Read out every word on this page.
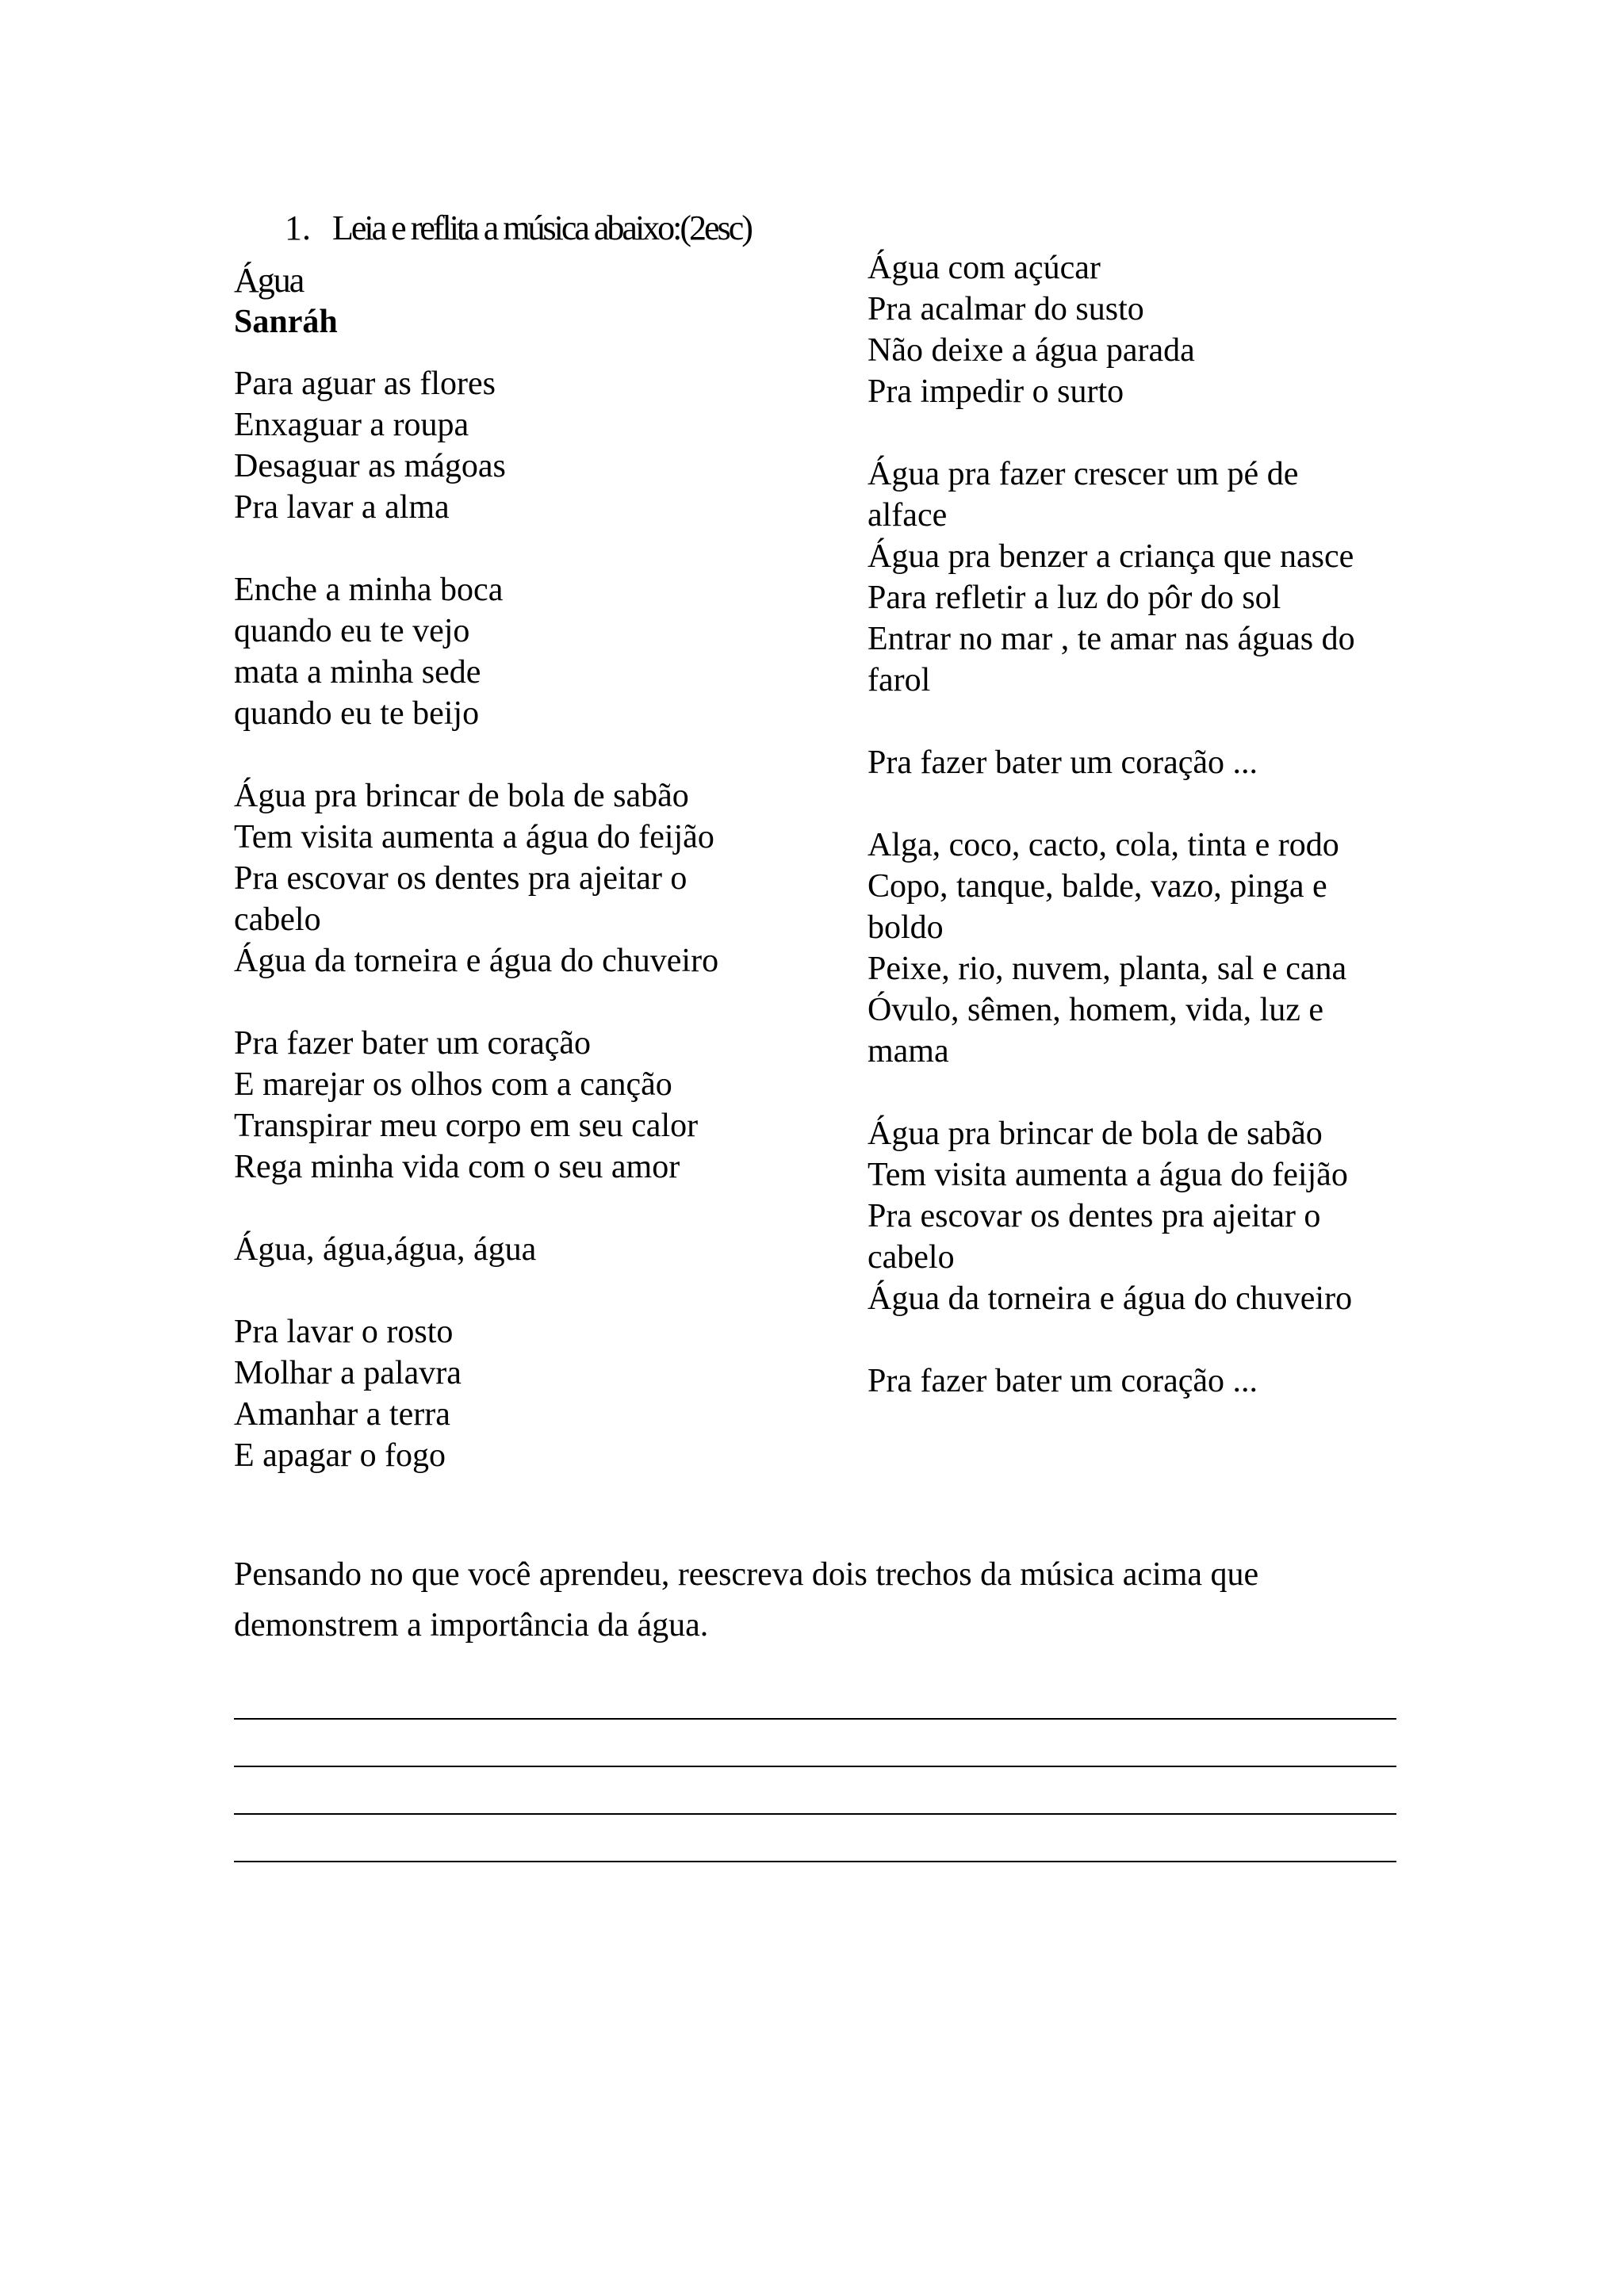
1. Leia e reflita a música abaixo:(2esc)
Água
Sanráh
Para aguar as flores
Enxaguar a roupa
Desaguar as mágoas
Pra lavar a alma
Enche a minha boca
quando eu te vejo
mata a minha sede
quando eu te beijo
Água pra brincar de bola de sabão
Tem visita aumenta a água do feijão
Pra escovar os dentes pra ajeitar o
cabelo
Água da torneira e água do chuveiro
Pra fazer bater um coração
E marejar os olhos com a canção
Transpirar meu corpo em seu calor
Rega minha vida com o seu amor
Água, água,água, água
Pra lavar o rosto
Molhar a palavra
Amanhar a terra
E apagar o fogo
Água com açúcar
Pra acalmar do susto
Não deixe a água parada
Pra impedir o surto
Água pra fazer crescer um pé de
alface
Água pra benzer a criança que nasce
Para refletir a luz do pôr do sol
Entrar no mar , te amar nas águas do
farol
Pra fazer bater um coração ...
Alga, coco, cacto, cola, tinta e rodo
Copo, tanque, balde, vazo, pinga e
boldo
Peixe, rio, nuvem, planta, sal e cana
Óvulo, sêmen, homem, vida, luz e
mama
Água pra brincar de bola de sabão
Tem visita aumenta a água do feijão
Pra escovar os dentes pra ajeitar o
cabelo
Água da torneira e água do chuveiro
Pra fazer bater um coração ...
Pensando no que você aprendeu, reescreva dois trechos da música acima que
demonstrem a importância da água.
